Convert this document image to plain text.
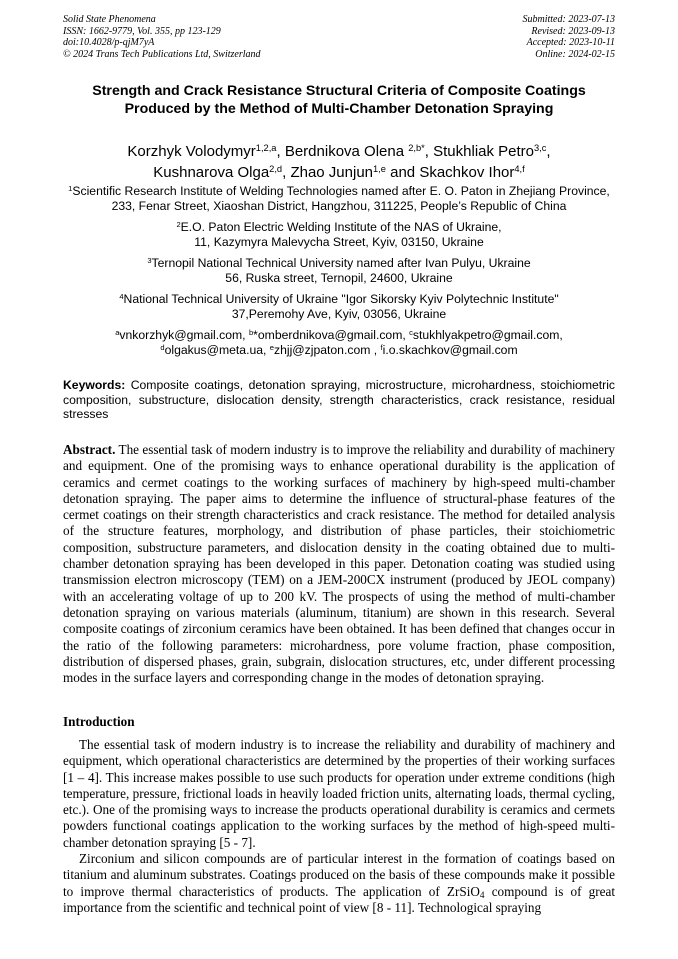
Solid State Phenomena
ISSN: 1662-9779, Vol. 355, pp 123-129
doi:10.4028/p-qjM7yA
© 2024 Trans Tech Publications Ltd, Switzerland
Submitted: 2023-07-13
Revised: 2023-09-13
Accepted: 2023-10-11
Online: 2024-02-15
Strength and Crack Resistance Structural Criteria of Composite Coatings Produced by the Method of Multi-Chamber Detonation Spraying
Korzhyk Volodymyr$^{1,2,a}$, Berdnikova Olena $^{2,b*}$, Stukhliak Petro$^{3,c}$,
Kushnarova Olga$^{2,d}$, Zhao Junjun$^{1,e}$ and Skachkov Ihor$^{4,f}$
$^1$Scientific Research Institute of Welding Technologies named after E. O. Paton in Zhejiang Province, 233, Fenar Street, Xiaoshan District, Hangzhou, 311225, People’s Republic of China
$^2$E.O. Paton Electric Welding Institute of the NAS of Ukraine,
11, Kazymyra Malevycha Street, Kyiv, 03150, Ukraine
$^3$Ternopil National Technical University named after Ivan Pulyu, Ukraine
56, Ruska street, Ternopil, 24600, Ukraine
$^4$National Technical University of Ukraine "Igor Sikorsky Kyiv Polytechnic Institute"
37,Peremohy Ave, Kyiv, 03056, Ukraine
$^a$vnkorzhyk@gmail.com, $^b$*omberdnikova@gmail.com, $^c$stukhlyakpetro@gmail.com,
$^d$olgakus@meta.ua, $^e$zhjj@zjpaton.com , $^f$i.o.skachkov@gmail.com
Keywords: Composite coatings, detonation spraying, microstructure, microhardness, stoichiometric composition, substructure, dislocation density, strength characteristics, crack resistance, residual stresses
Abstract. The essential task of modern industry is to improve the reliability and durability of machinery and equipment. One of the promising ways to enhance operational durability is the application of ceramics and cermet coatings to the working surfaces of machinery by high-speed multi-chamber detonation spraying. The paper aims to determine the influence of structural-phase features of the cermet coatings on their strength characteristics and crack resistance. The method for detailed analysis of the structure features, morphology, and distribution of phase particles, their stoichiometric composition, substructure parameters, and dislocation density in the coating obtained due to multi-chamber detonation spraying has been developed in this paper. Detonation coating was studied using transmission electron microscopy (TEM) on a JEM-200CX instrument (produced by JEOL company) with an accelerating voltage of up to 200 kV. The prospects of using the method of multi-chamber detonation spraying on various materials (aluminum, titanium) are shown in this research. Several composite coatings of zirconium ceramics have been obtained. It has been defined that changes occur in the ratio of the following parameters: microhardness, pore volume fraction, phase composition, distribution of dispersed phases, grain, subgrain, dislocation structures, etc, under different processing modes in the surface layers and corresponding change in the modes of detonation spraying.
Introduction

The essential task of modern industry is to increase the reliability and durability of machinery and equipment, which operational characteristics are determined by the properties of their working surfaces [1 – 4]. This increase makes possible to use such products for operation under extreme conditions (high temperature, pressure, frictional loads in heavily loaded friction units, alternating loads, thermal cycling, etc.). One of the promising ways to increase the products operational durability is ceramics and cermets powders functional coatings application to the working surfaces by the method of high-speed multi-chamber detonation spraying [5 - 7].

Zirconium and silicon compounds are of particular interest in the formation of coatings based on titanium and aluminum substrates. Coatings produced on the basis of these compounds make it possible to improve thermal characteristics of products. The application of ZrSiO$_4$ compound is of great importance from the scientific and technical point of view [8 - 11]. Technological spraying
